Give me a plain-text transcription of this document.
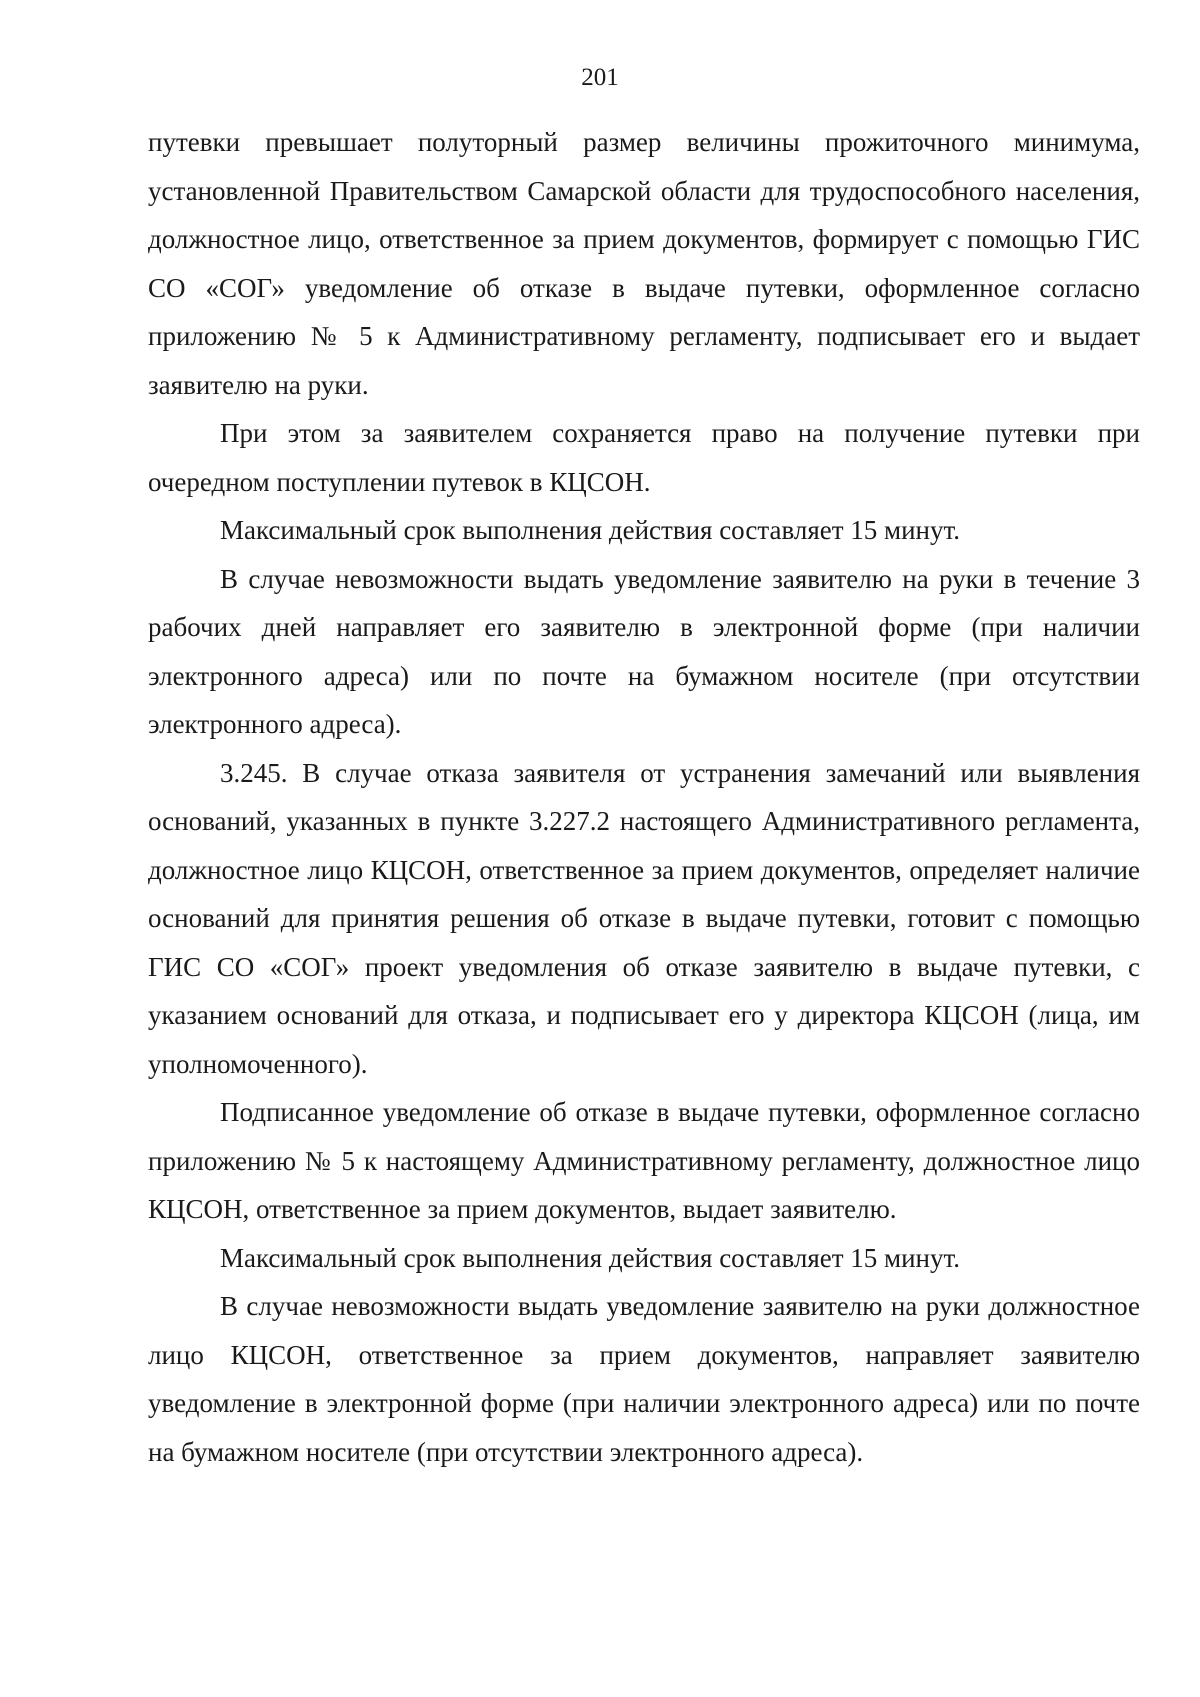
201

путевки превышает полуторный размер величины прожиточного минимума, установленной Правительством Самарской области для трудоспособного населения, должностное лицо, ответственное за прием документов, формирует с помощью ГИС СО «СОГ» уведомление об отказе в выдаче путевки, оформленное согласно приложению № 5 к Административному регламенту, подписывает его и выдает заявителю на руки.

При этом за заявителем сохраняется право на получение путевки при очередном поступлении путевок в КЦСОН.

Максимальный срок выполнения действия составляет 15 минут.

В случае невозможности выдать уведомление заявителю на руки в течение 3 рабочих дней направляет его заявителю в электронной форме (при наличии электронного адреса) или по почте на бумажном носителе (при отсутствии электронного адреса).

3.245. В случае отказа заявителя от устранения замечаний или выявления оснований, указанных в пункте 3.227.2 настоящего Административного регламента, должностное лицо КЦСОН, ответственное за прием документов, определяет наличие оснований для принятия решения об отказе в выдаче путевки, готовит с помощью ГИС СО «СОГ» проект уведомления об отказе заявителю в выдаче путевки, с указанием оснований для отказа, и подписывает его у директора КЦСОН (лица, им уполномоченного).

Подписанное уведомление об отказе в выдаче путевки, оформленное согласно приложению № 5 к настоящему Административному регламенту, должностное лицо КЦСОН, ответственное за прием документов, выдает заявителю.

Максимальный срок выполнения действия составляет 15 минут.

В случае невозможности выдать уведомление заявителю на руки должностное лицо КЦСОН, ответственное за прием документов, направляет заявителю уведомление в электронной форме (при наличии электронного адреса) или по почте на бумажном носителе (при отсутствии электронного адреса).
